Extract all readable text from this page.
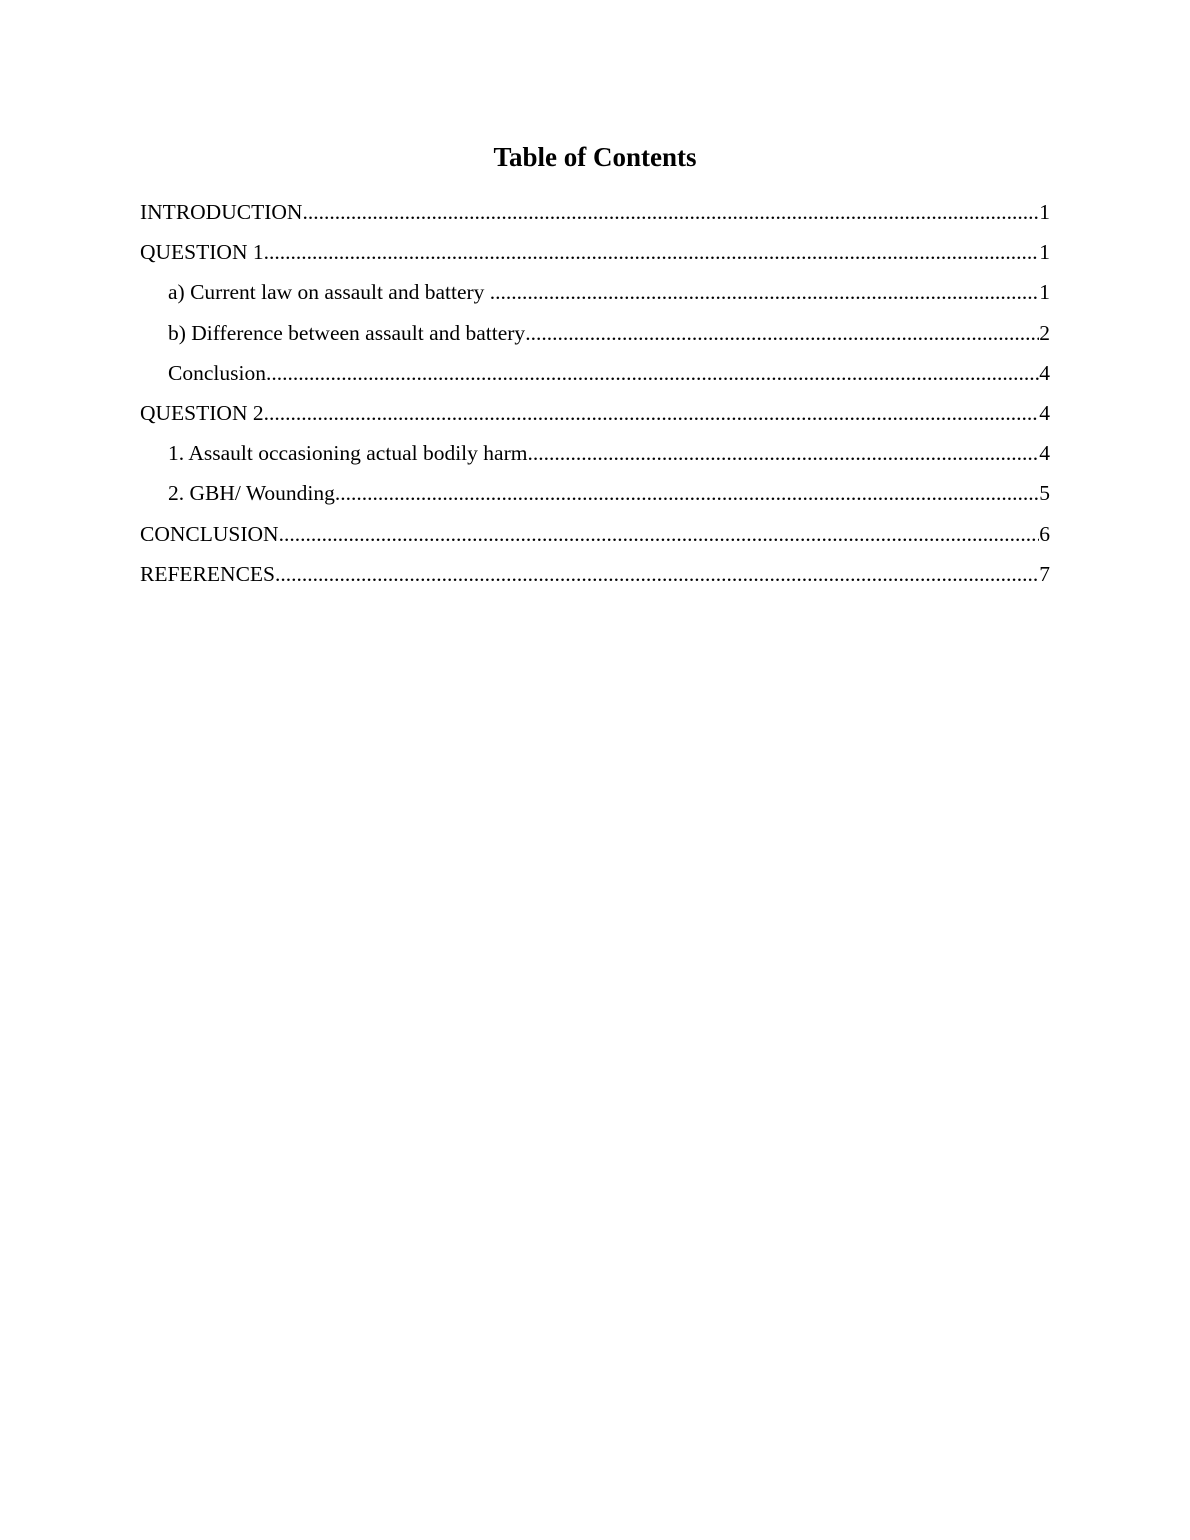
Table of Contents
INTRODUCTION .....	1
QUESTION 1 .....	1
a) Current law on assault and battery .....	1
b) Difference between assault and battery .....	2
Conclusion .....	4
QUESTION 2 .....	4
1. Assault occasioning actual bodily harm .....	4
2. GBH/ Wounding .....	5
CONCLUSION .....	6
REFERENCES .....	7
